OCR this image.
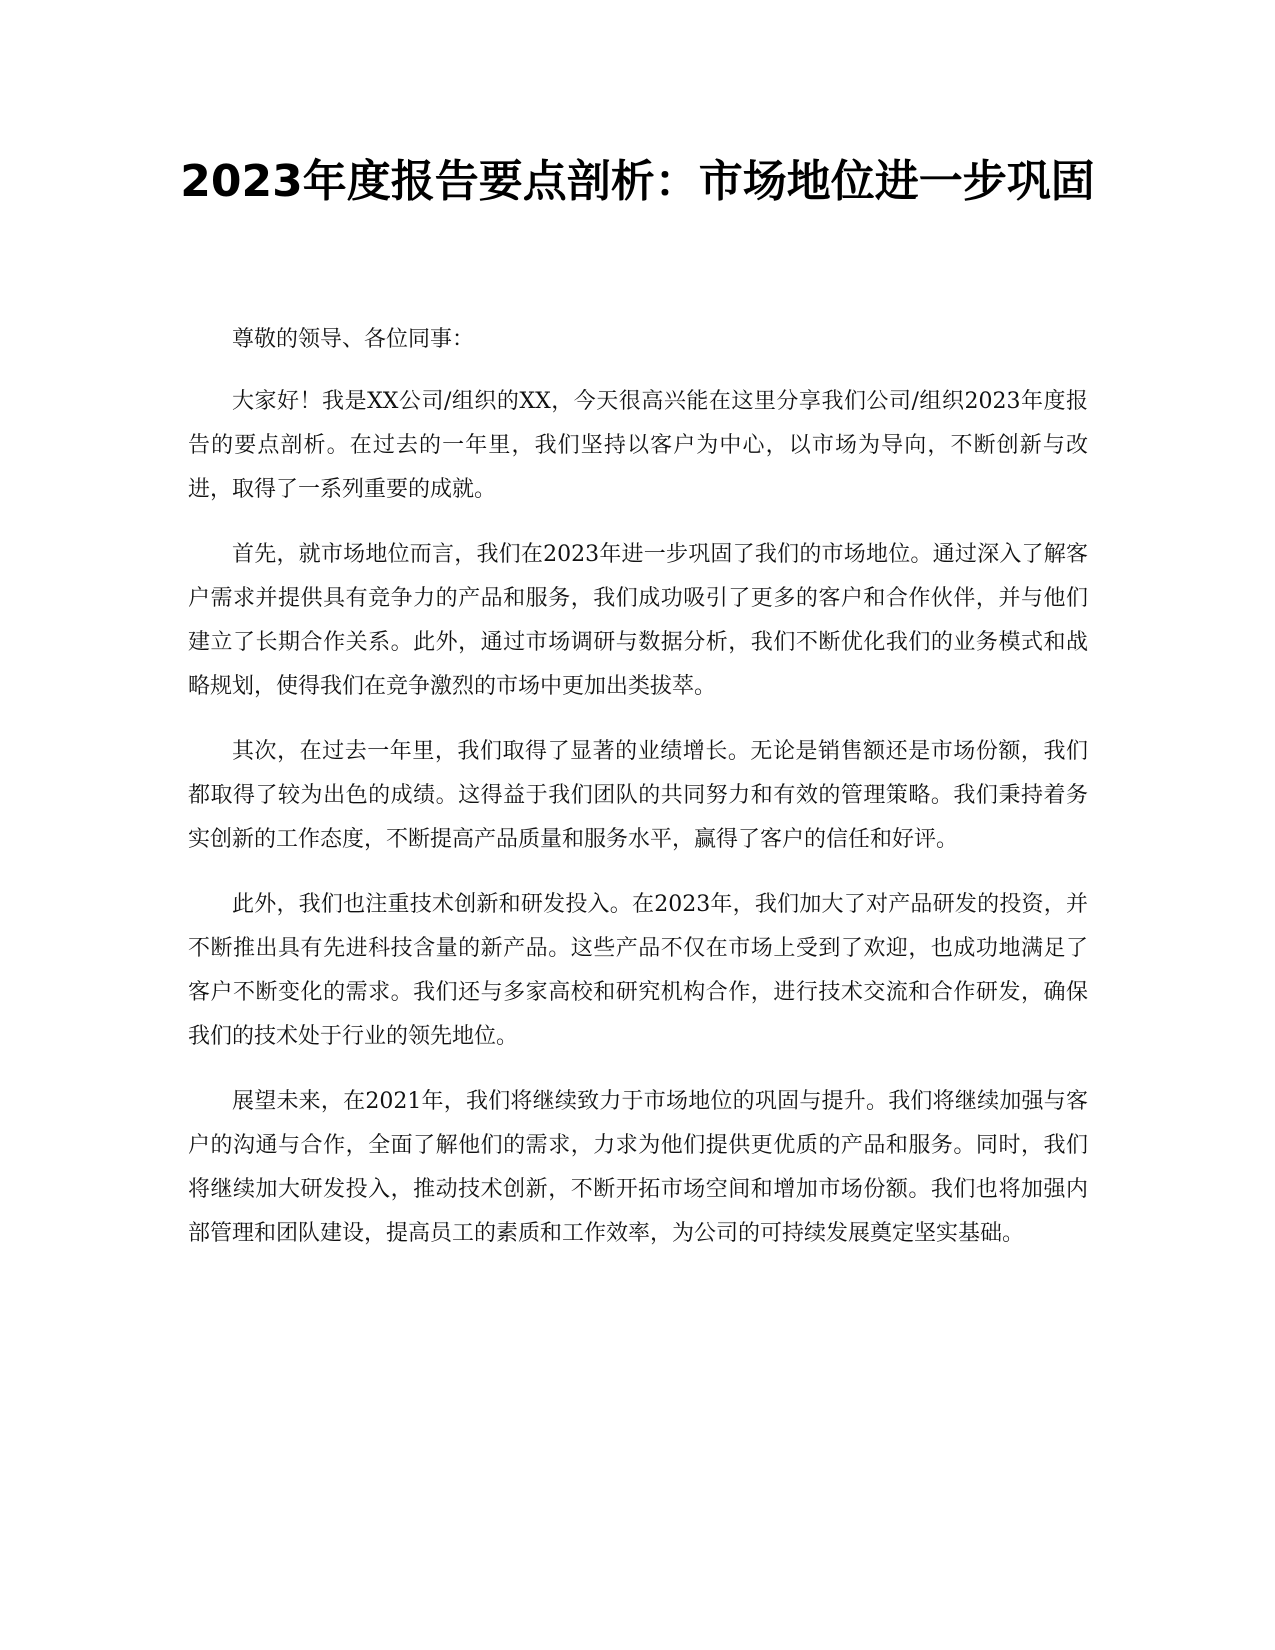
2023年度报告要点剖析：市场地位进一步巩固

尊敬的领导、各位同事：

大家好！我是XX公司/组织的XX，今天很高兴能在这里分享我们公司/组织2023年度报告的要点剖析。在过去的一年里，我们坚持以客户为中心，以市场为导向，不断创新与改进，取得了一系列重要的成就。

首先，就市场地位而言，我们在2023年进一步巩固了我们的市场地位。通过深入了解客户需求并提供具有竞争力的产品和服务，我们成功吸引了更多的客户和合作伙伴，并与他们建立了长期合作关系。此外，通过市场调研与数据分析，我们不断优化我们的业务模式和战略规划，使得我们在竞争激烈的市场中更加出类拔萃。

其次，在过去一年里，我们取得了显著的业绩增长。无论是销售额还是市场份额，我们都取得了较为出色的成绩。这得益于我们团队的共同努力和有效的管理策略。我们秉持着务实创新的工作态度，不断提高产品质量和服务水平，赢得了客户的信任和好评。

此外，我们也注重技术创新和研发投入。在2023年，我们加大了对产品研发的投资，并不断推出具有先进科技含量的新产品。这些产品不仅在市场上受到了欢迎，也成功地满足了客户不断变化的需求。我们还与多家高校和研究机构合作，进行技术交流和合作研发，确保我们的技术处于行业的领先地位。

展望未来，在2021年，我们将继续致力于市场地位的巩固与提升。我们将继续加强与客户的沟通与合作，全面了解他们的需求，力求为他们提供更优质的产品和服务。同时，我们将继续加大研发投入，推动技术创新，不断开拓市场空间和增加市场份额。我们也将加强内部管理和团队建设，提高员工的素质和工作效率，为公司的可持续发展奠定坚实基础。
